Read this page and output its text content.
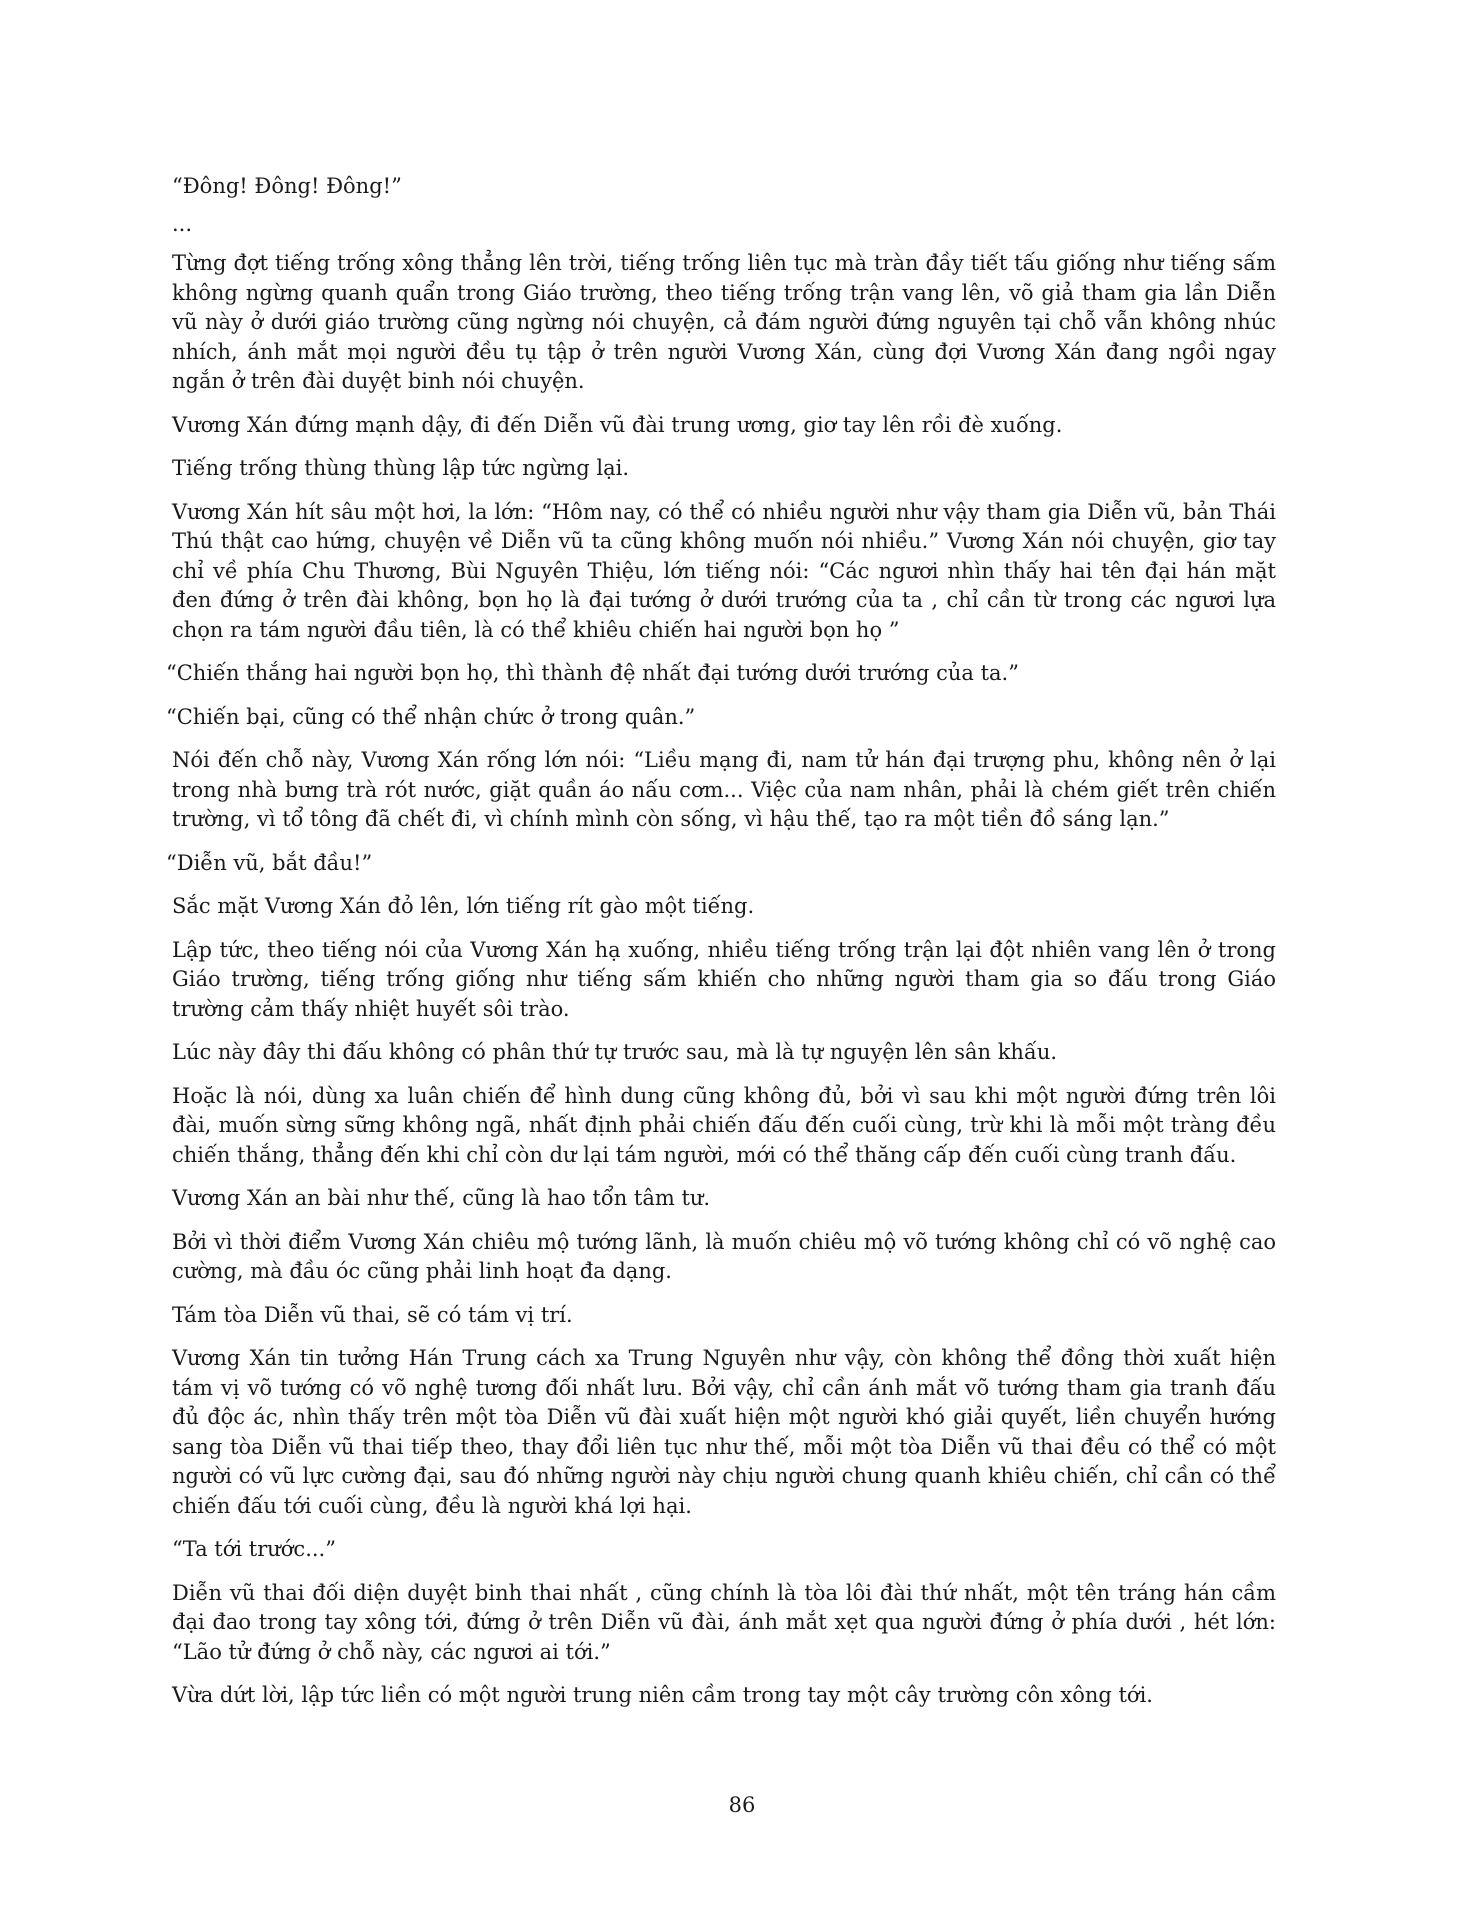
“Đông! Đông! Đông!”

...

Từng đợt tiếng trống xông thẳng lên trời, tiếng trống liên tục mà tràn đầy tiết tấu giống như tiếng sấm không ngừng quanh quẩn trong Giáo trường, theo tiếng trống trận vang lên, võ giả tham gia lần Diễn vũ này ở dưới giáo trường cũng ngừng nói chuyện, cả đám người đứng nguyên tại chỗ vẫn không nhúc nhích, ánh mắt mọi người đều tụ tập ở trên người Vương Xán, cùng đợi Vương Xán đang ngồi ngay ngắn ở trên đài duyệt binh nói chuyện.

Vương Xán đứng mạnh dậy, đi đến Diễn vũ đài trung ương, giơ tay lên rồi đè xuống.

Tiếng trống thùng thùng lập tức ngừng lại.

Vương Xán hít sâu một hơi, la lớn: “Hôm nay, có thể có nhiều người như vậy tham gia Diễn vũ, bản Thái Thú thật cao hứng, chuyện về Diễn vũ ta cũng không muốn nói nhiều.” Vương Xán nói chuyện, giơ tay chỉ về phía Chu Thương, Bùi Nguyên Thiệu, lớn tiếng nói: “Các ngươi nhìn thấy hai tên đại hán mặt đen đứng ở trên đài không, bọn họ là đại tướng ở dưới trướng của ta , chỉ cần từ trong các ngươi lựa chọn ra tám người đầu tiên, là có thể khiêu chiến hai người bọn họ ”

“Chiến thắng hai người bọn họ, thì thành đệ nhất đại tướng dưới trướng của ta.”

“Chiến bại, cũng có thể nhận chức ở trong quân.”

Nói đến chỗ này, Vương Xán rống lớn nói: “Liều mạng đi, nam tử hán đại trượng phu, không nên ở lại trong nhà bưng trà rót nước, giặt quần áo nấu cơm... Việc của nam nhân, phải là chém giết trên chiến trường, vì tổ tông đã chết đi, vì chính mình còn sống, vì hậu thế, tạo ra một tiền đồ sáng lạn.”

“Diễn vũ, bắt đầu!”

Sắc mặt Vương Xán đỏ lên, lớn tiếng rít gào một tiếng.

Lập tức, theo tiếng nói của Vương Xán hạ xuống, nhiều tiếng trống trận lại đột nhiên vang lên ở trong Giáo trường, tiếng trống giống như tiếng sấm khiến cho những người tham gia so đấu trong Giáo trường cảm thấy nhiệt huyết sôi trào.

Lúc này đây thi đấu không có phân thứ tự trước sau, mà là tự nguyện lên sân khấu.

Hoặc là nói, dùng xa luân chiến để hình dung cũng không đủ, bởi vì sau khi một người đứng trên lôi đài, muốn sừng sững không ngã, nhất định phải chiến đấu đến cuối cùng, trừ khi là mỗi một tràng đều chiến thắng, thẳng đến khi chỉ còn dư lại tám người, mới có thể thăng cấp đến cuối cùng tranh đấu.

Vương Xán an bài như thế, cũng là hao tổn tâm tư.

Bởi vì thời điểm Vương Xán chiêu mộ tướng lãnh, là muốn chiêu mộ võ tướng không chỉ có võ nghệ cao cường, mà đầu óc cũng phải linh hoạt đa dạng.

Tám tòa Diễn vũ thai, sẽ có tám vị trí.

Vương Xán tin tưởng Hán Trung cách xa Trung Nguyên như vậy, còn không thể đồng thời xuất hiện tám vị võ tướng có võ nghệ tương đối nhất lưu. Bởi vậy, chỉ cần ánh mắt võ tướng tham gia tranh đấu đủ độc ác, nhìn thấy trên một tòa Diễn vũ đài xuất hiện một người khó giải quyết, liền chuyển hướng sang tòa Diễn vũ thai tiếp theo, thay đổi liên tục như thế, mỗi một tòa Diễn vũ thai đều có thể có một người có vũ lực cường đại, sau đó những người này chịu người chung quanh khiêu chiến, chỉ cần có thể chiến đấu tới cuối cùng, đều là người khá lợi hại.

“Ta tới trước...”

Diễn vũ thai đối diện duyệt binh thai nhất , cũng chính là tòa lôi đài thứ nhất, một tên tráng hán cầm đại đao trong tay xông tới, đứng ở trên Diễn vũ đài, ánh mắt xẹt qua người đứng ở phía dưới , hét lớn: “Lão tử đứng ở chỗ này, các ngươi ai tới.”

Vừa dứt lời, lập tức liền có một người trung niên cầm trong tay một cây trường côn xông tới.

86
